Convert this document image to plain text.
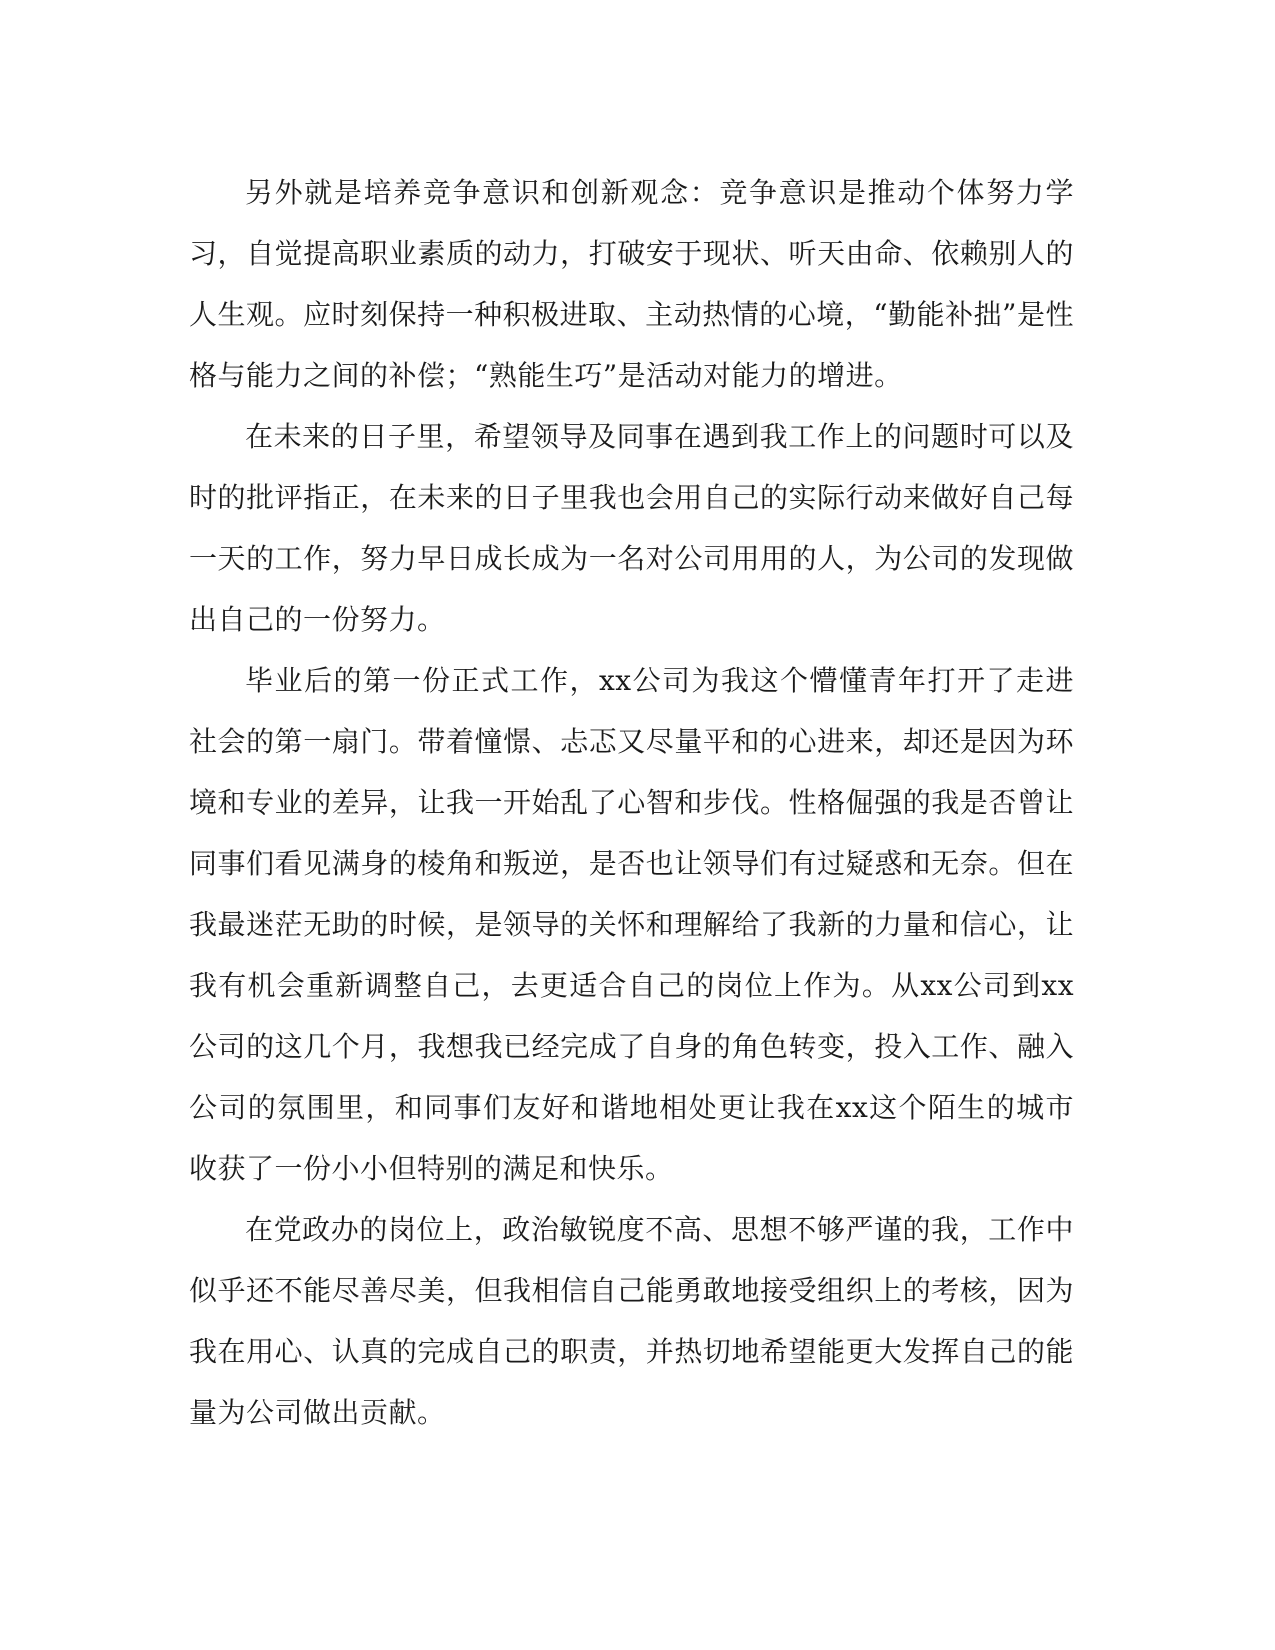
另外就是培养竞争意识和创新观念：竞争意识是推动个体努力学习，自觉提高职业素质的动力，打破安于现状、听天由命、依赖别人的人生观。应时刻保持一种积极进取、主动热情的心境，“勤能补拙”是性格与能力之间的补偿；“熟能生巧”是活动对能力的增进。

在未来的日子里，希望领导及同事在遇到我工作上的问题时可以及时的批评指正，在未来的日子里我也会用自己的实际行动来做好自己每一天的工作，努力早日成长成为一名对公司用用的人，为公司的发现做出自己的一份努力。

毕业后的第一份正式工作，xx公司为我这个懵懂青年打开了走进社会的第一扇门。带着憧憬、忐忑又尽量平和的心进来，却还是因为环境和专业的差异，让我一开始乱了心智和步伐。性格倔强的我是否曾让同事们看见满身的棱角和叛逆，是否也让领导们有过疑惑和无奈。但在我最迷茫无助的时候，是领导的关怀和理解给了我新的力量和信心，让我有机会重新调整自己，去更适合自己的岗位上作为。从xx公司到xx公司的这几个月，我想我已经完成了自身的角色转变，投入工作、融入公司的氛围里，和同事们友好和谐地相处更让我在xx这个陌生的城市收获了一份小小但特别的满足和快乐。

在党政办的岗位上，政治敏锐度不高、思想不够严谨的我，工作中似乎还不能尽善尽美，但我相信自己能勇敢地接受组织上的考核，因为我在用心、认真的完成自己的职责，并热切地希望能更大发挥自己的能量为公司做出贡献。
